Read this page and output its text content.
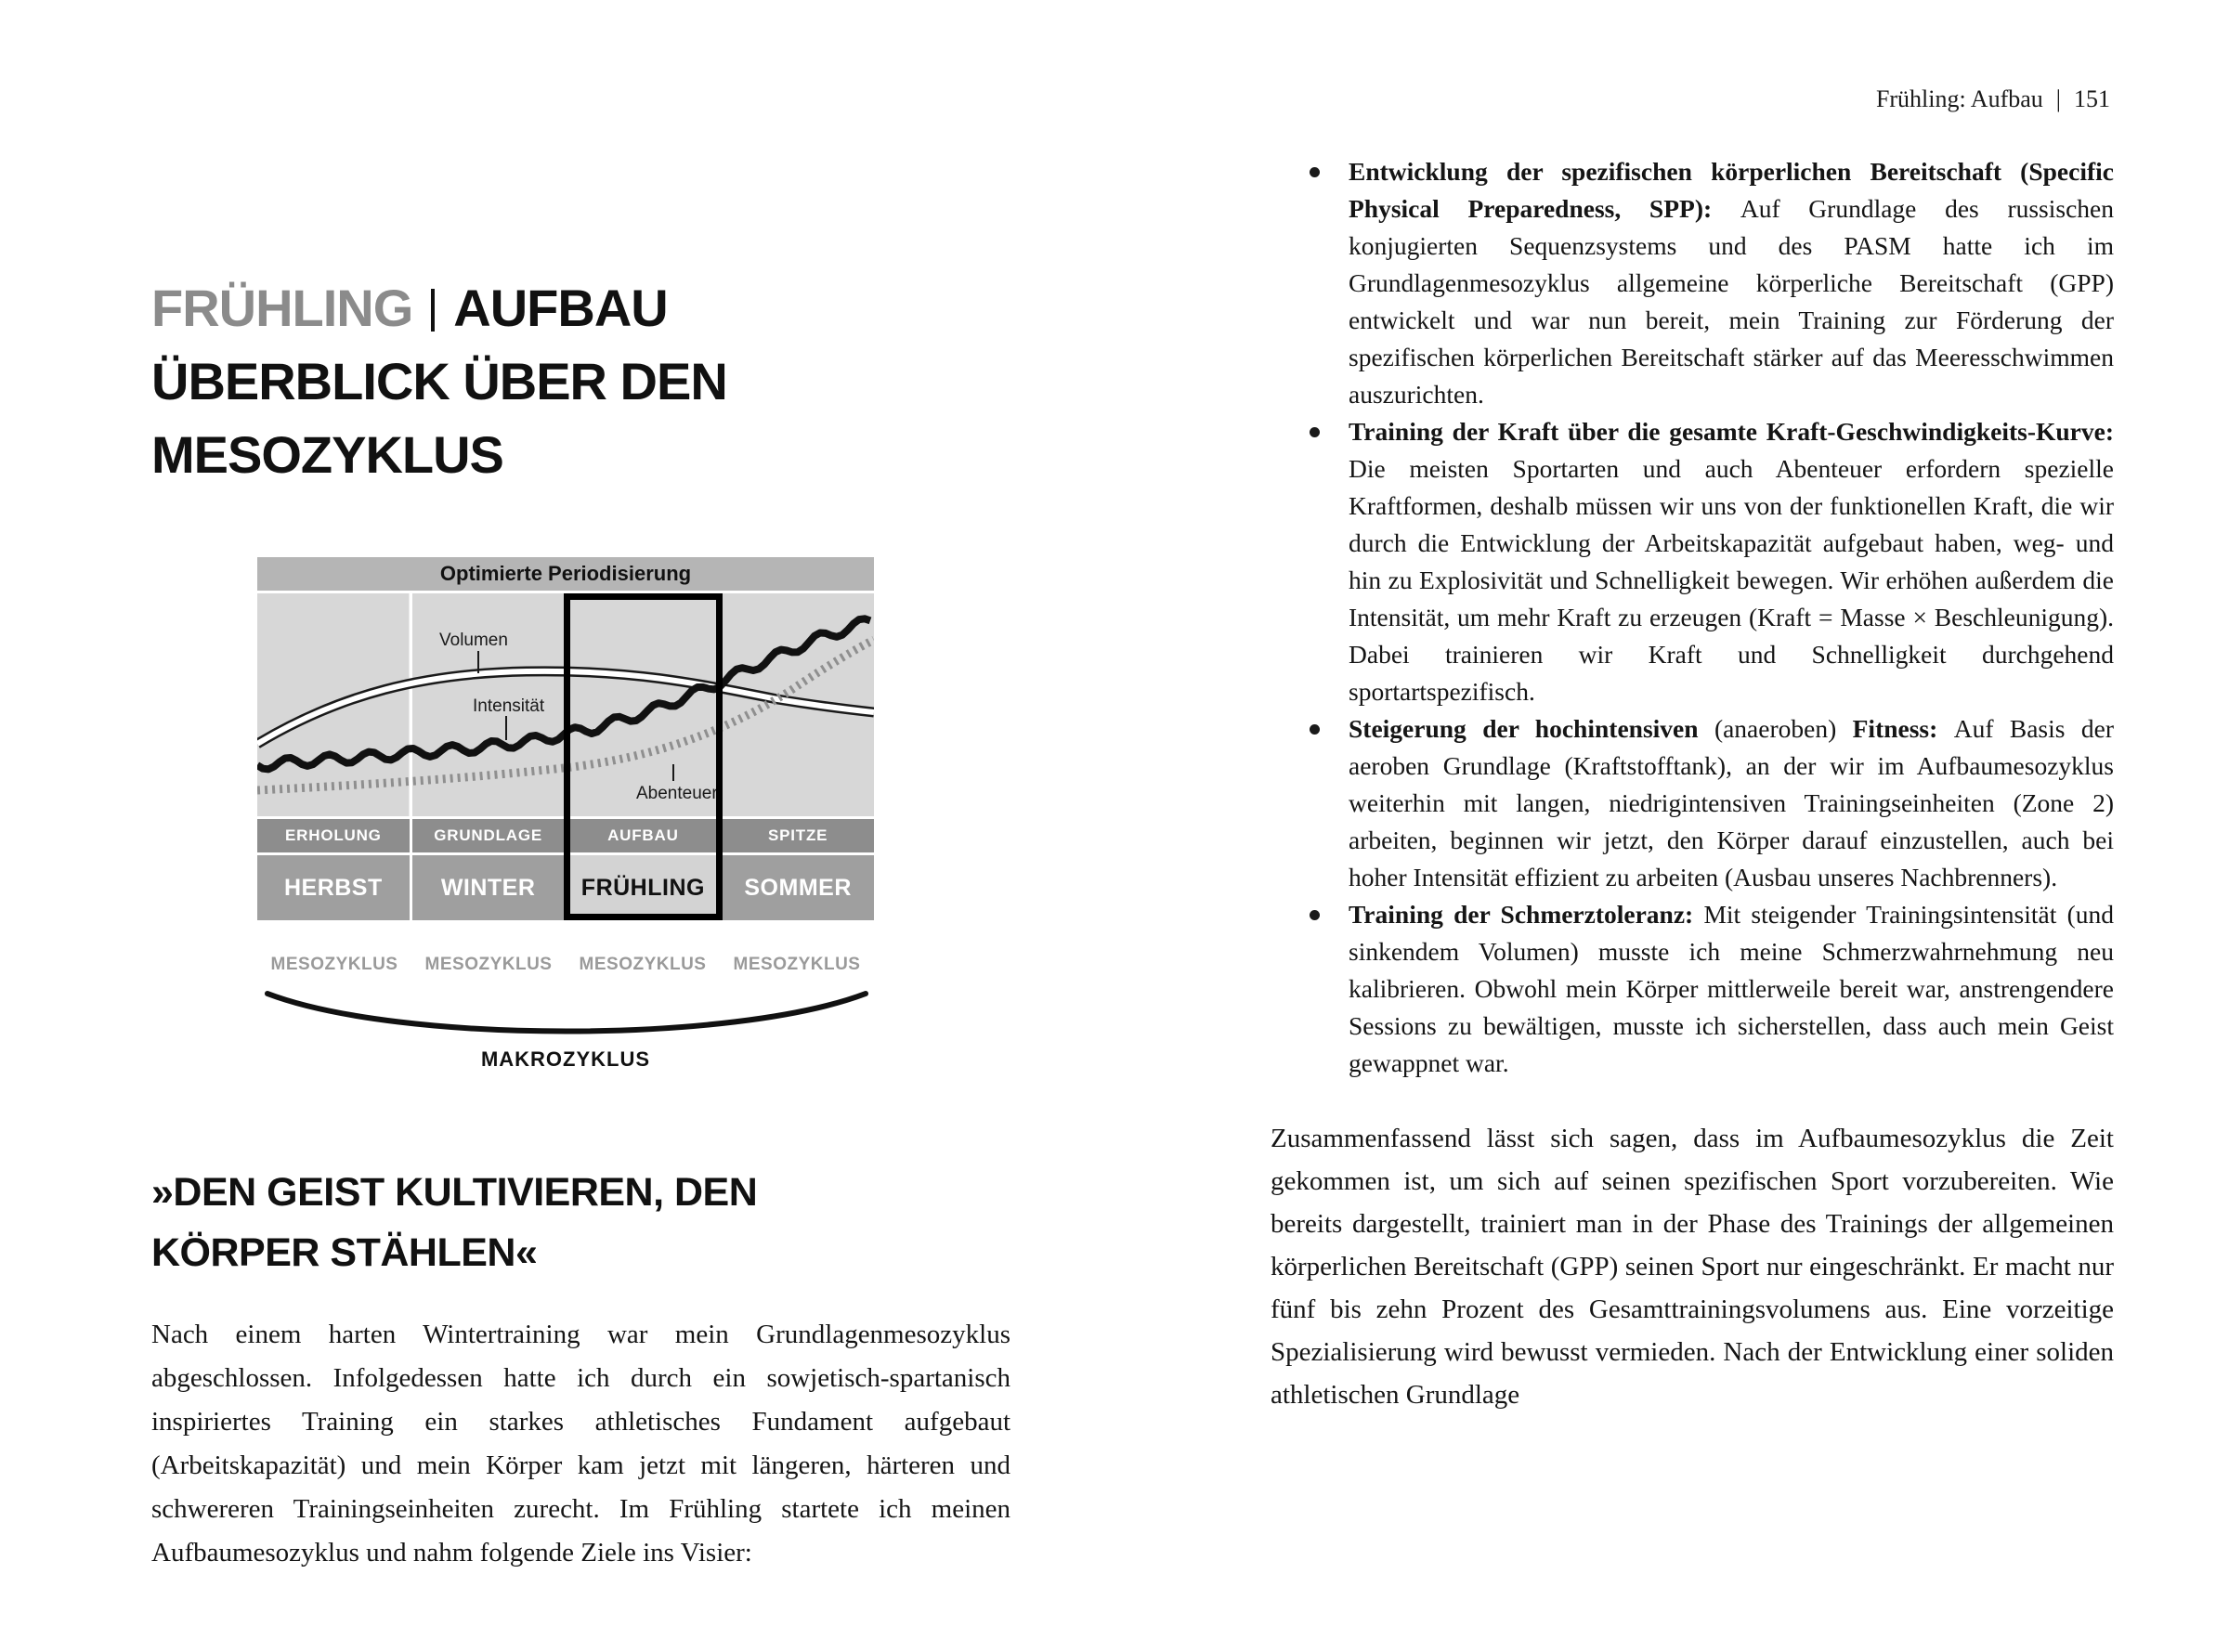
Frühling: Aufbau | 151
FRÜHLING AUFBAU
ÜBERBLICK ÜBER DEN
MESOZYKLUS
Optimierte Periodisierung
Volumen
Intensität
Abenteuer
ERHOLUNG	GRUNDLAGE	AUFBAU	SPITZE
HERBST	WINTER	FRÜHLING	SOMMER
MESOZYKLUS	MESOZYKLUS	MESOZYKLUS	MESOZYKLUS
MAKROZYKLUS
»DEN GEIST KULTIVIEREN, DEN
KÖRPER STÄHLEN«

Nach einem harten Wintertraining war mein Grundlagenmesozyklus abgeschlossen. Infolgedessen hatte ich durch ein sowjetisch-spartanisch inspiriertes Training ein starkes athletisches Fundament aufgebaut (Arbeitskapazität) und mein Körper kam jetzt mit längeren, härteren und schwereren Trainingseinheiten zurecht. Im Frühling startete ich meinen Aufbaumesozyklus und nahm folgende Ziele ins Visier:

Entwicklung der spezifischen körperlichen Bereitschaft (Specific Physical Preparedness, SPP): Auf Grundlage des russischen konjugierten Sequenzsystems und des PASM hatte ich im Grundlagenmesozyklus allgemeine körperliche Bereitschaft (GPP) entwickelt und war nun bereit, mein Training zur Förderung der spezifischen körperlichen Bereitschaft stärker auf das Meeresschwimmen auszurichten.
Training der Kraft über die gesamte Kraft-Geschwindigkeits-Kurve: Die meisten Sportarten und auch Abenteuer erfordern spezielle Kraftformen, deshalb müssen wir uns von der funktionellen Kraft, die wir durch die Entwicklung der Arbeitskapazität aufgebaut haben, weg- und hin zu Explosivität und Schnelligkeit bewegen. Wir erhöhen außerdem die Intensität, um mehr Kraft zu erzeugen (Kraft = Masse × Beschleunigung). Dabei trainieren wir Kraft und Schnelligkeit durchgehend sportartspezifisch.
Steigerung der hochintensiven (anaeroben) Fitness: Auf Basis der aeroben Grundlage (Kraftstofftank), an der wir im Aufbaumesozyklus weiterhin mit langen, niedrigintensiven Trainingseinheiten (Zone 2) arbeiten, beginnen wir jetzt, den Körper darauf einzustellen, auch bei hoher Intensität effizient zu arbeiten (Ausbau unseres Nachbrenners).
Training der Schmerztoleranz: Mit steigender Trainingsintensität (und sinkendem Volumen) musste ich meine Schmerzwahrnehmung neu kalibrieren. Obwohl mein Körper mittlerweile bereit war, anstrengendere Sessions zu bewältigen, musste ich sicherstellen, dass auch mein Geist gewappnet war.

Zusammenfassend lässt sich sagen, dass im Aufbaumesozyklus die Zeit gekommen ist, um sich auf seinen spezifischen Sport vorzubereiten. Wie bereits dargestellt, trainiert man in der Phase des Trainings der allgemeinen körperlichen Bereitschaft (GPP) seinen Sport nur eingeschränkt. Er macht nur fünf bis zehn Prozent des Gesamttrainingsvolumens aus. Eine vorzeitige Spezialisierung wird bewusst vermieden. Nach der Entwicklung einer soliden athletischen Grundlage
